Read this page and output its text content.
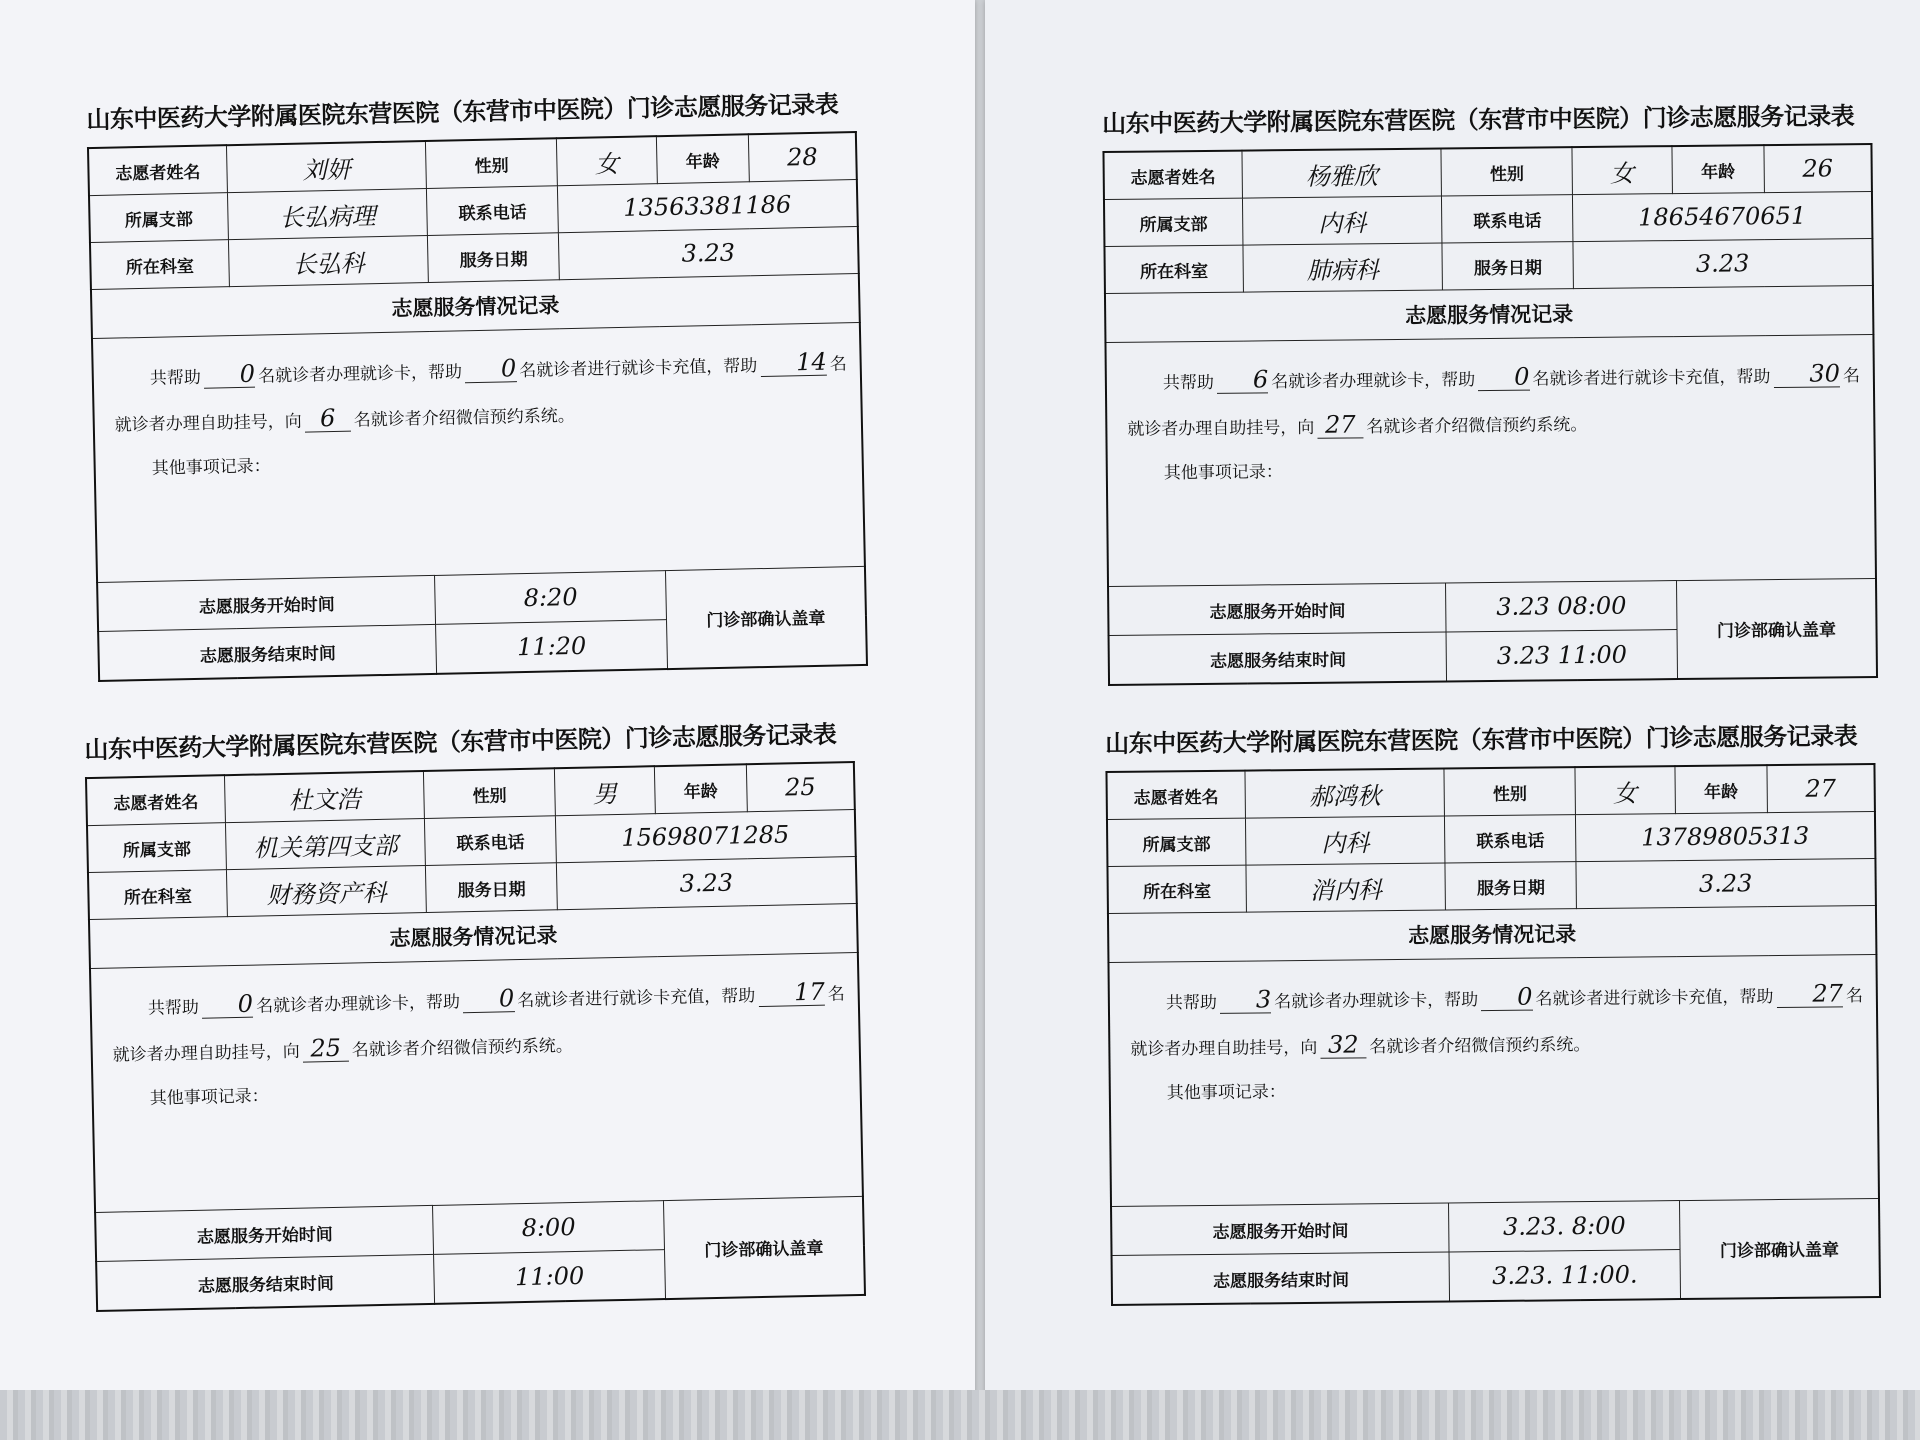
山东中医药大学附属医院东营医院（东营市中医院）门诊志愿服务记录表
志愿者姓名	刘妍	性别	女	年龄	28
所属支部	长弘病理	联系电话	13563381186		
所在科室	长弘科	服务日期	3.23		
志愿服务情况记录					

共帮助 0 名就诊者办理就诊卡，帮助 0 名就诊者进行就诊卡充值，帮助 14 名
就诊者办理自助挂号，向 6 名就诊者介绍微信预约系统。
其他事项记录：					

志愿服务开始时间		8:20		门诊部确认盖章	
志愿服务结束时间		11:20			
山东中医药大学附属医院东营医院（东营市中医院）门诊志愿服务记录表
志愿者姓名	杨雅欣	性别	女	年龄	26
所属支部	内科	联系电话	18654670651		
所在科室	肺病科	服务日期	3.23		
志愿服务情况记录					

共帮助 6 名就诊者办理就诊卡，帮助 0 名就诊者进行就诊卡充值，帮助 30 名
就诊者办理自助挂号，向 27 名就诊者介绍微信预约系统。
其他事项记录：					

志愿服务开始时间		3.23 08:00		门诊部确认盖章	
志愿服务结束时间		3.23 11:00			
山东中医药大学附属医院东营医院（东营市中医院）门诊志愿服务记录表
志愿者姓名	杜文浩	性别	男	年龄	25
所属支部	机关第四支部	联系电话	15698071285		
所在科室	财務资产科	服务日期	3.23		
志愿服务情况记录					

共帮助 0 名就诊者办理就诊卡，帮助 0 名就诊者进行就诊卡充值，帮助 17 名
就诊者办理自助挂号，向 25 名就诊者介绍微信预约系统。
其他事项记录：					

志愿服务开始时间		8:00		门诊部确认盖章	
志愿服务结束时间		11:00			
山东中医药大学附属医院东营医院（东营市中医院）门诊志愿服务记录表
志愿者姓名	郝鸿秋	性别	女	年龄	27
所属支部	内科	联系电话	13789805313		
所在科室	消内科	服务日期	3.23		
志愿服务情况记录					

共帮助 3 名就诊者办理就诊卡，帮助 0 名就诊者进行就诊卡充值，帮助 27 名
就诊者办理自助挂号，向 32 名就诊者介绍微信预约系统。
其他事项记录：					

志愿服务开始时间		3.23. 8:00		门诊部确认盖章	
志愿服务结束时间		3.23. 11:00.			
